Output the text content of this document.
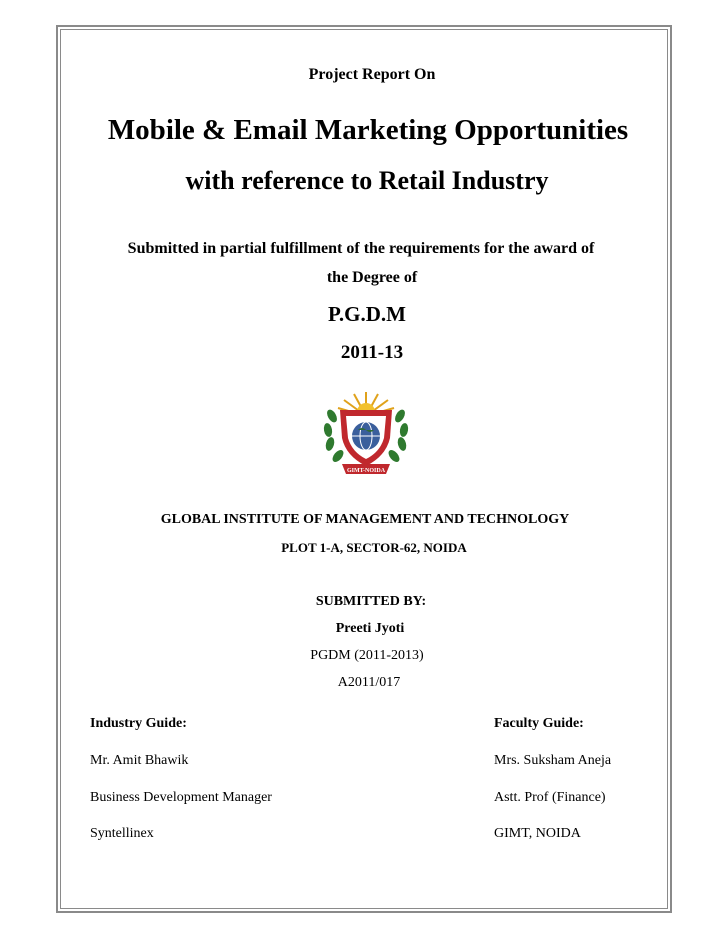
Project Report On
Mobile & Email Marketing Opportunities
with reference to Retail Industry
Submitted in partial fulfillment of the requirements for the award of
the Degree of
P.G.D.M
2011-13
GIMT-NOIDA
GLOBAL INSTITUTE OF MANAGEMENT AND TECHNOLOGY
PLOT 1-A, SECTOR-62, NOIDA
SUBMITTED BY:
Preeti Jyoti
PGDM (2011-2013)
A2011/017
Industry Guide:
Mr. Amit Bhawik
Business Development Manager
Syntellinex
Faculty Guide:
Mrs. Suksham Aneja
Astt. Prof (Finance)
GIMT, NOIDA
